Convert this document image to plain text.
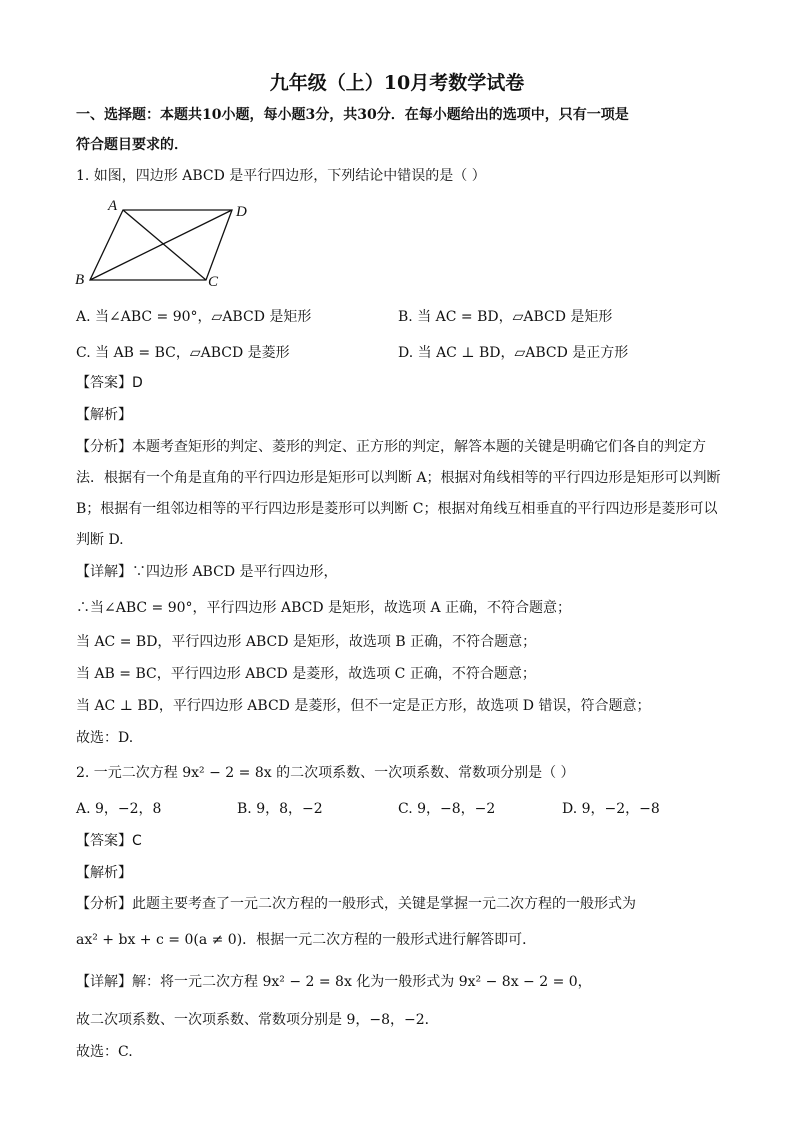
九年级（上）10月考数学试卷
一、选择题：本题共10小题，每小题3分，共30分．在每小题给出的选项中，只有一项是
符合题目要求的．
1. 如图，四边形 ABCD 是平行四边形，下列结论中错误的是（ ）
A	D
B	C
A. 当∠ABC = 90°，▱ABCD 是矩形	B. 当 AC = BD，▱ABCD 是矩形
C. 当 AB = BC，▱ABCD 是菱形	D. 当 AC ⊥ BD，▱ABCD 是正方形
【答案】D
【解析】
【分析】本题考查矩形的判定、菱形的判定、正方形的判定，解答本题的关键是明确它们各自的判定方
法．根据有一个角是直角的平行四边形是矩形可以判断 A；根据对角线相等的平行四边形是矩形可以判断
B；根据有一组邻边相等的平行四边形是菱形可以判断 C；根据对角线互相垂直的平行四边形是菱形可以
判断 D.
【详解】∵四边形 ABCD 是平行四边形，
∴当∠ABC = 90°，平行四边形 ABCD 是矩形，故选项 A 正确，不符合题意；
当 AC = BD，平行四边形 ABCD 是矩形，故选项 B 正确，不符合题意；
当 AB = BC，平行四边形 ABCD 是菱形，故选项 C 正确，不符合题意；
当 AC ⊥ BD，平行四边形 ABCD 是菱形，但不一定是正方形，故选项 D 错误，符合题意；
故选：D.
2. 一元二次方程 9x² − 2 = 8x 的二次项系数、一次项系数、常数项分别是（ ）
A. 9，−2，8	B. 9，8，−2	C. 9，−8，−2	D. 9，−2，−8
【答案】C
【解析】
【分析】此题主要考查了一元二次方程的一般形式，关键是掌握一元二次方程的一般形式为
ax² + bx + c = 0(a ≠ 0)．根据一元二次方程的一般形式进行解答即可．
【详解】解：将一元二次方程 9x² − 2 = 8x 化为一般形式为 9x² − 8x − 2 = 0，
故二次项系数、一次项系数、常数项分别是 9，−8，−2．
故选：C.
